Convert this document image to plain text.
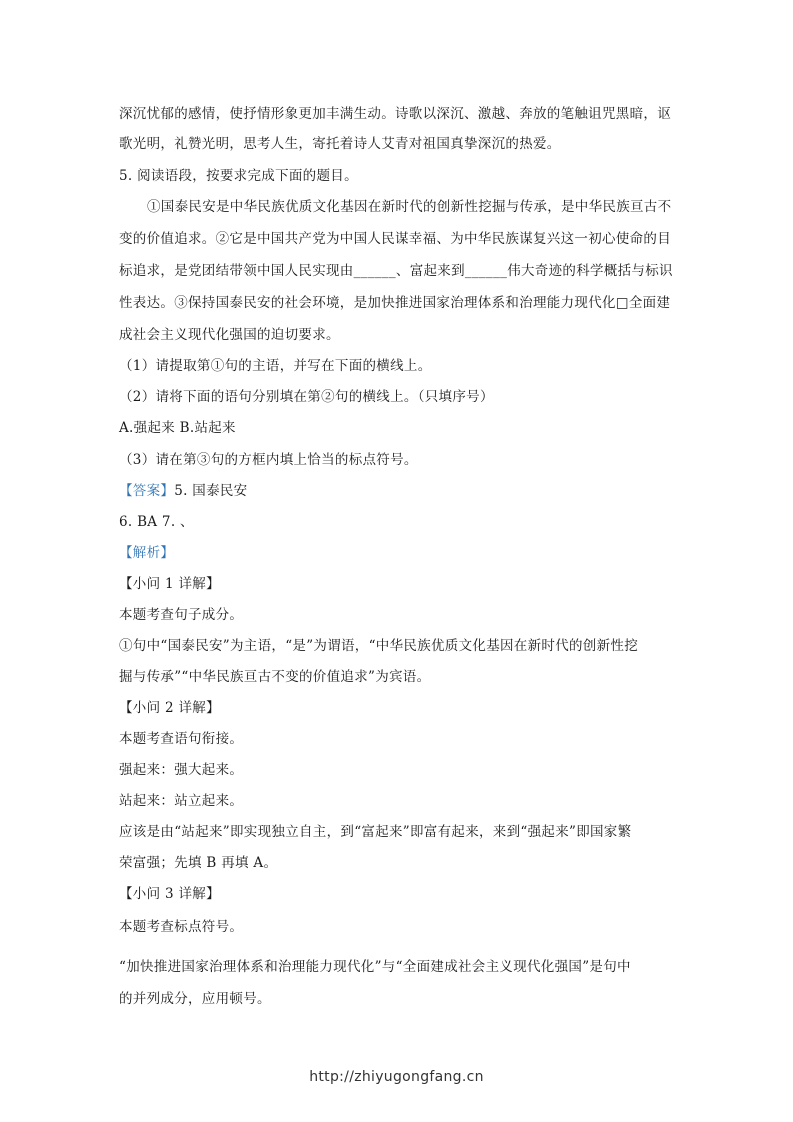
深沉忧郁的感情，使抒情形象更加丰满生动。诗歌以深沉、激越、奔放的笔触诅咒黑暗，讴
歌光明，礼赞光明，思考人生，寄托着诗人艾青对祖国真挚深沉的热爱。
5. 阅读语段，按要求完成下面的题目。
①国泰民安是中华民族优质文化基因在新时代的创新性挖掘与传承，是中华民族亘古不
变的价值追求。②它是中国共产党为中国人民谋幸福、为中华民族谋复兴这一初心使命的目
标追求，是党团结带领中国人民实现由______、富起来到______伟大奇迹的科学概括与标识
性表达。③保持国泰民安的社会环境，是加快推进国家治理体系和治理能力现代化□全面建
成社会主义现代化强国的迫切要求。
（1）请提取第①句的主语，并写在下面的横线上。
（2）请将下面的语句分别填在第②句的横线上。（只填序号）
A.强起来 B.站起来
（3）请在第③句的方框内填上恰当的标点符号。
【答案】5. 国泰民安
6. BA 7. 、
【解析】
【小问 1 详解】
本题考查句子成分。
①句中“国泰民安”为主语，“是”为谓语，“中华民族优质文化基因在新时代的创新性挖
掘与传承”“中华民族亘古不变的价值追求”为宾语。
【小问 2 详解】
本题考查语句衔接。
强起来：强大起来。
站起来：站立起来。
应该是由“站起来”即实现独立自主，到“富起来”即富有起来，来到“强起来”即国家繁
荣富强；先填 B 再填 A。
【小问 3 详解】
本题考查标点符号。
“加快推进国家治理体系和治理能力现代化”与“全面建成社会主义现代化强国”是句中
的并列成分，应用顿号。
http://zhiyugongfang.cn
